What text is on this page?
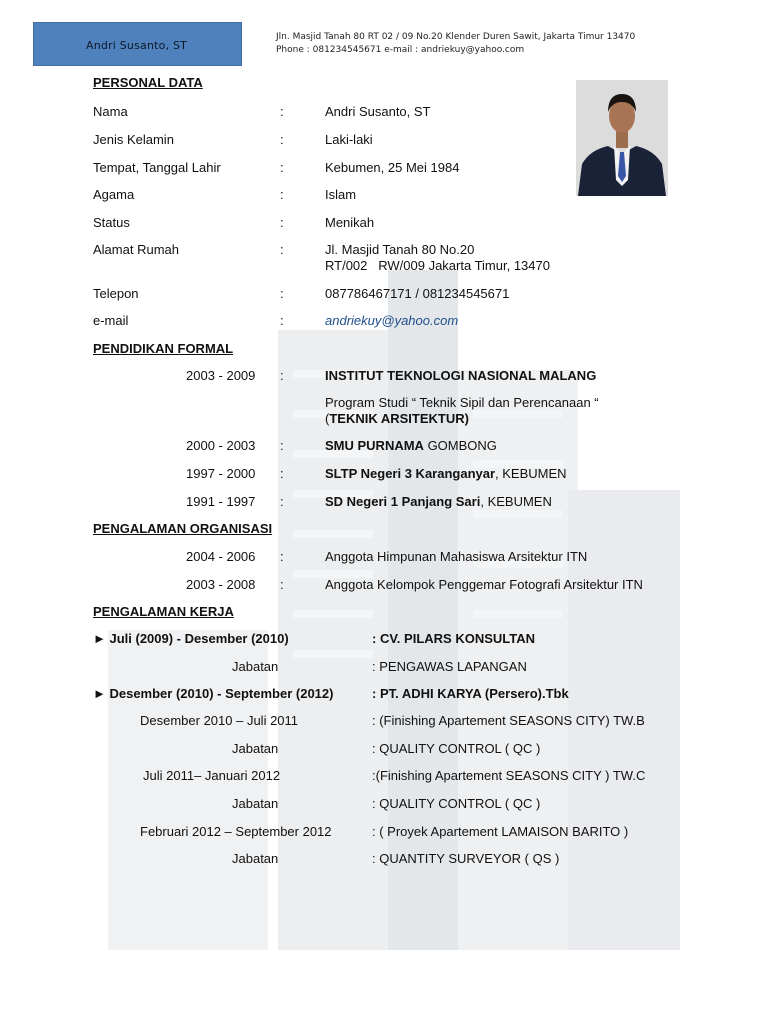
Andri Susanto, ST
Jln. Masjid Tanah 80 RT 02 / 09 No.20 Klender Duren Sawit, Jakarta Timur 13470
Phone : 081234545671 e-mail : andriekuy@yahoo.com
PERSONAL DATA
Nama	:	Andri Susanto, ST
Jenis Kelamin	:	Laki-laki
Tempat, Tanggal Lahir	:	Kebumen, 25 Mei 1984
Agama	:	Islam
Status	:	Menikah
Alamat Rumah	:	Jl. Masjid Tanah 80 No.20
RT/002   RW/009 Jakarta Timur, 13470
Telepon	:	087786467171 / 081234545671
e-mail	:	andriekuy@yahoo.com
PENDIDIKAN FORMAL
2003 - 2009 :	INSTITUT TEKNOLOGI NASIONAL MALANG
Program Studi “ Teknik Sipil dan Perencanaan “
(TEKNIK ARSITEKTUR)
2000 - 2003 :	SMU PURNAMA GOMBONG
1997 - 2000 :	SLTP Negeri 3 Karanganyar, KEBUMEN
1991 - 1997 :	SD Negeri 1 Panjang Sari, KEBUMEN
PENGALAMAN ORGANISASI
2004 - 2006 :	Anggota Himpunan Mahasiswa Arsitektur ITN
2003 - 2008 :	Anggota Kelompok Penggemar Fotografi Arsitektur ITN
PENGALAMAN KERJA
► Juli (2009) - Desember (2010)	: CV. PILARS KONSULTAN
Jabatan	: PENGAWAS LAPANGAN
► Desember (2010) - September (2012)	: PT. ADHI KARYA (Persero).Tbk
Desember 2010 – Juli 2011	: (Finishing Apartement SEASONS CITY) TW.B
Jabatan	: QUALITY CONTROL ( QC )
Juli 2011– Januari 2012	:(Finishing Apartement SEASONS CITY ) TW.C
Jabatan	: QUALITY CONTROL ( QC )
Februari 2012 – September 2012	: ( Proyek Apartement LAMAISON BARITO )
Jabatan	: QUANTITY SURVEYOR ( QS )
